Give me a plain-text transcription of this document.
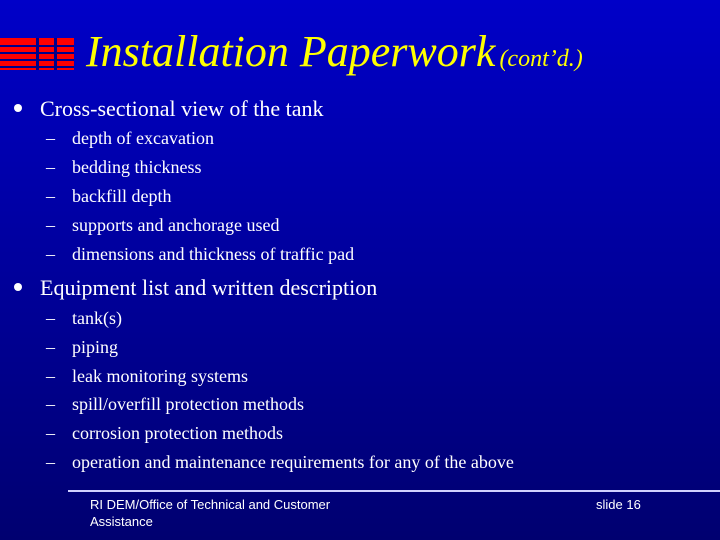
Installation Paperwork (cont’d.)
Cross-sectional view of the tank
– depth of excavation
– bedding thickness
– backfill depth
– supports and anchorage used
– dimensions and thickness of traffic pad
Equipment list and written description
– tank(s)
– piping
– leak monitoring systems
– spill/overfill protection methods
– corrosion protection methods
– operation and maintenance requirements for any of the above
RI DEM/Office of Technical and Customer Assistance
slide 16
